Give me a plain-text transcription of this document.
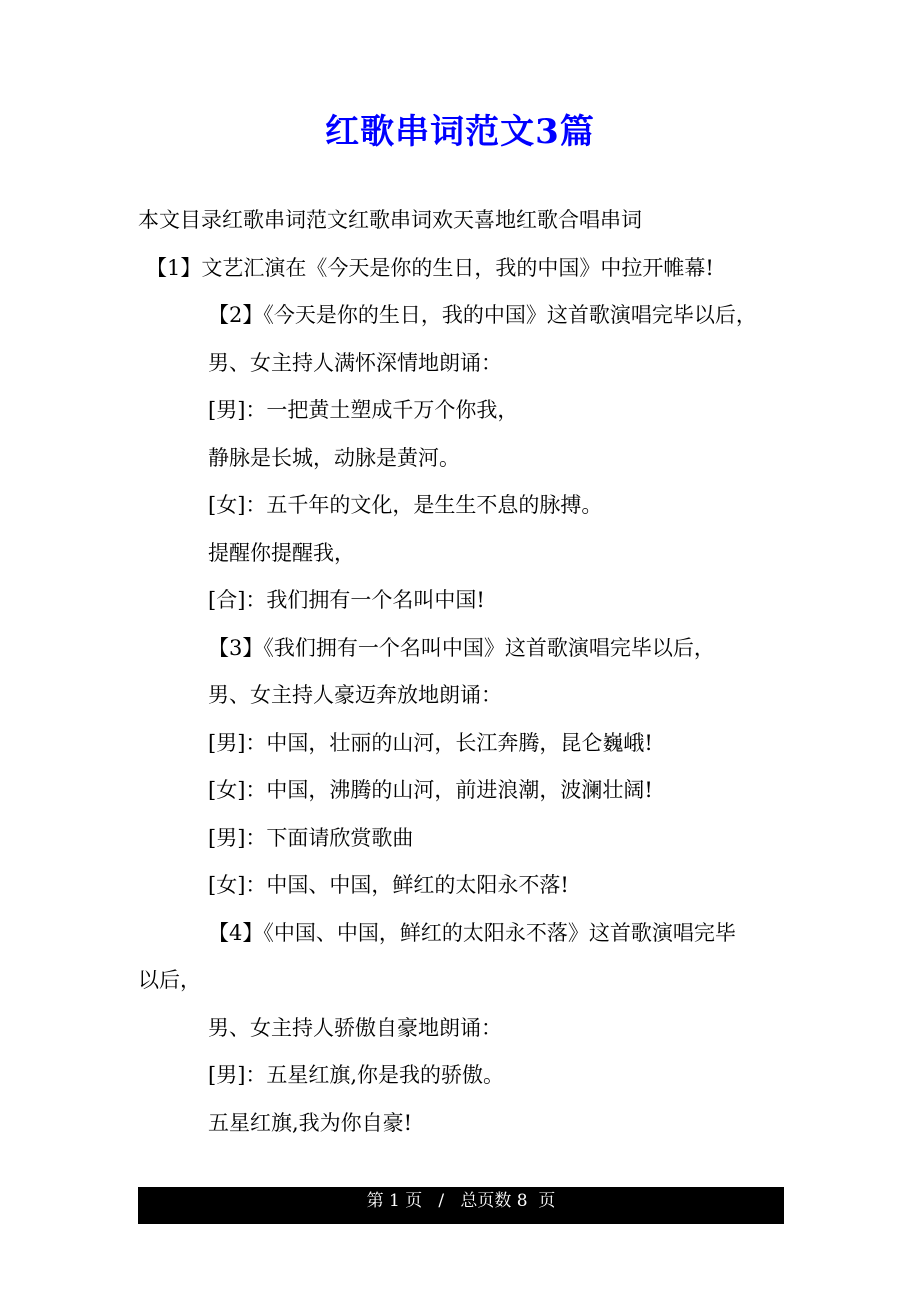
红歌串词范文3篇
本文目录红歌串词范文红歌串词欢天喜地红歌合唱串词
【1】文艺汇演在《今天是你的生日，我的中国》中拉开帷幕!
【2】《今天是你的生日，我的中国》这首歌演唱完毕以后，
男、女主持人满怀深情地朗诵：
[男]：一把黄土塑成千万个你我，
静脉是长城，动脉是黄河。
[女]：五千年的文化，是生生不息的脉搏。
提醒你提醒我，
[合]：我们拥有一个名叫中国!
【3】《我们拥有一个名叫中国》这首歌演唱完毕以后，
男、女主持人豪迈奔放地朗诵：
[男]：中国，壮丽的山河，长江奔腾，昆仑巍峨!
[女]：中国，沸腾的山河，前进浪潮，波澜壮阔!
[男]：下面请欣赏歌曲
[女]：中国、中国，鲜红的太阳永不落!
【4】《中国、中国，鲜红的太阳永不落》这首歌演唱完毕
以后，
男、女主持人骄傲自豪地朗诵：
[男]：五星红旗,你是我的骄傲。
五星红旗,我为你自豪!
第 1 页   /   总页数 8  页
